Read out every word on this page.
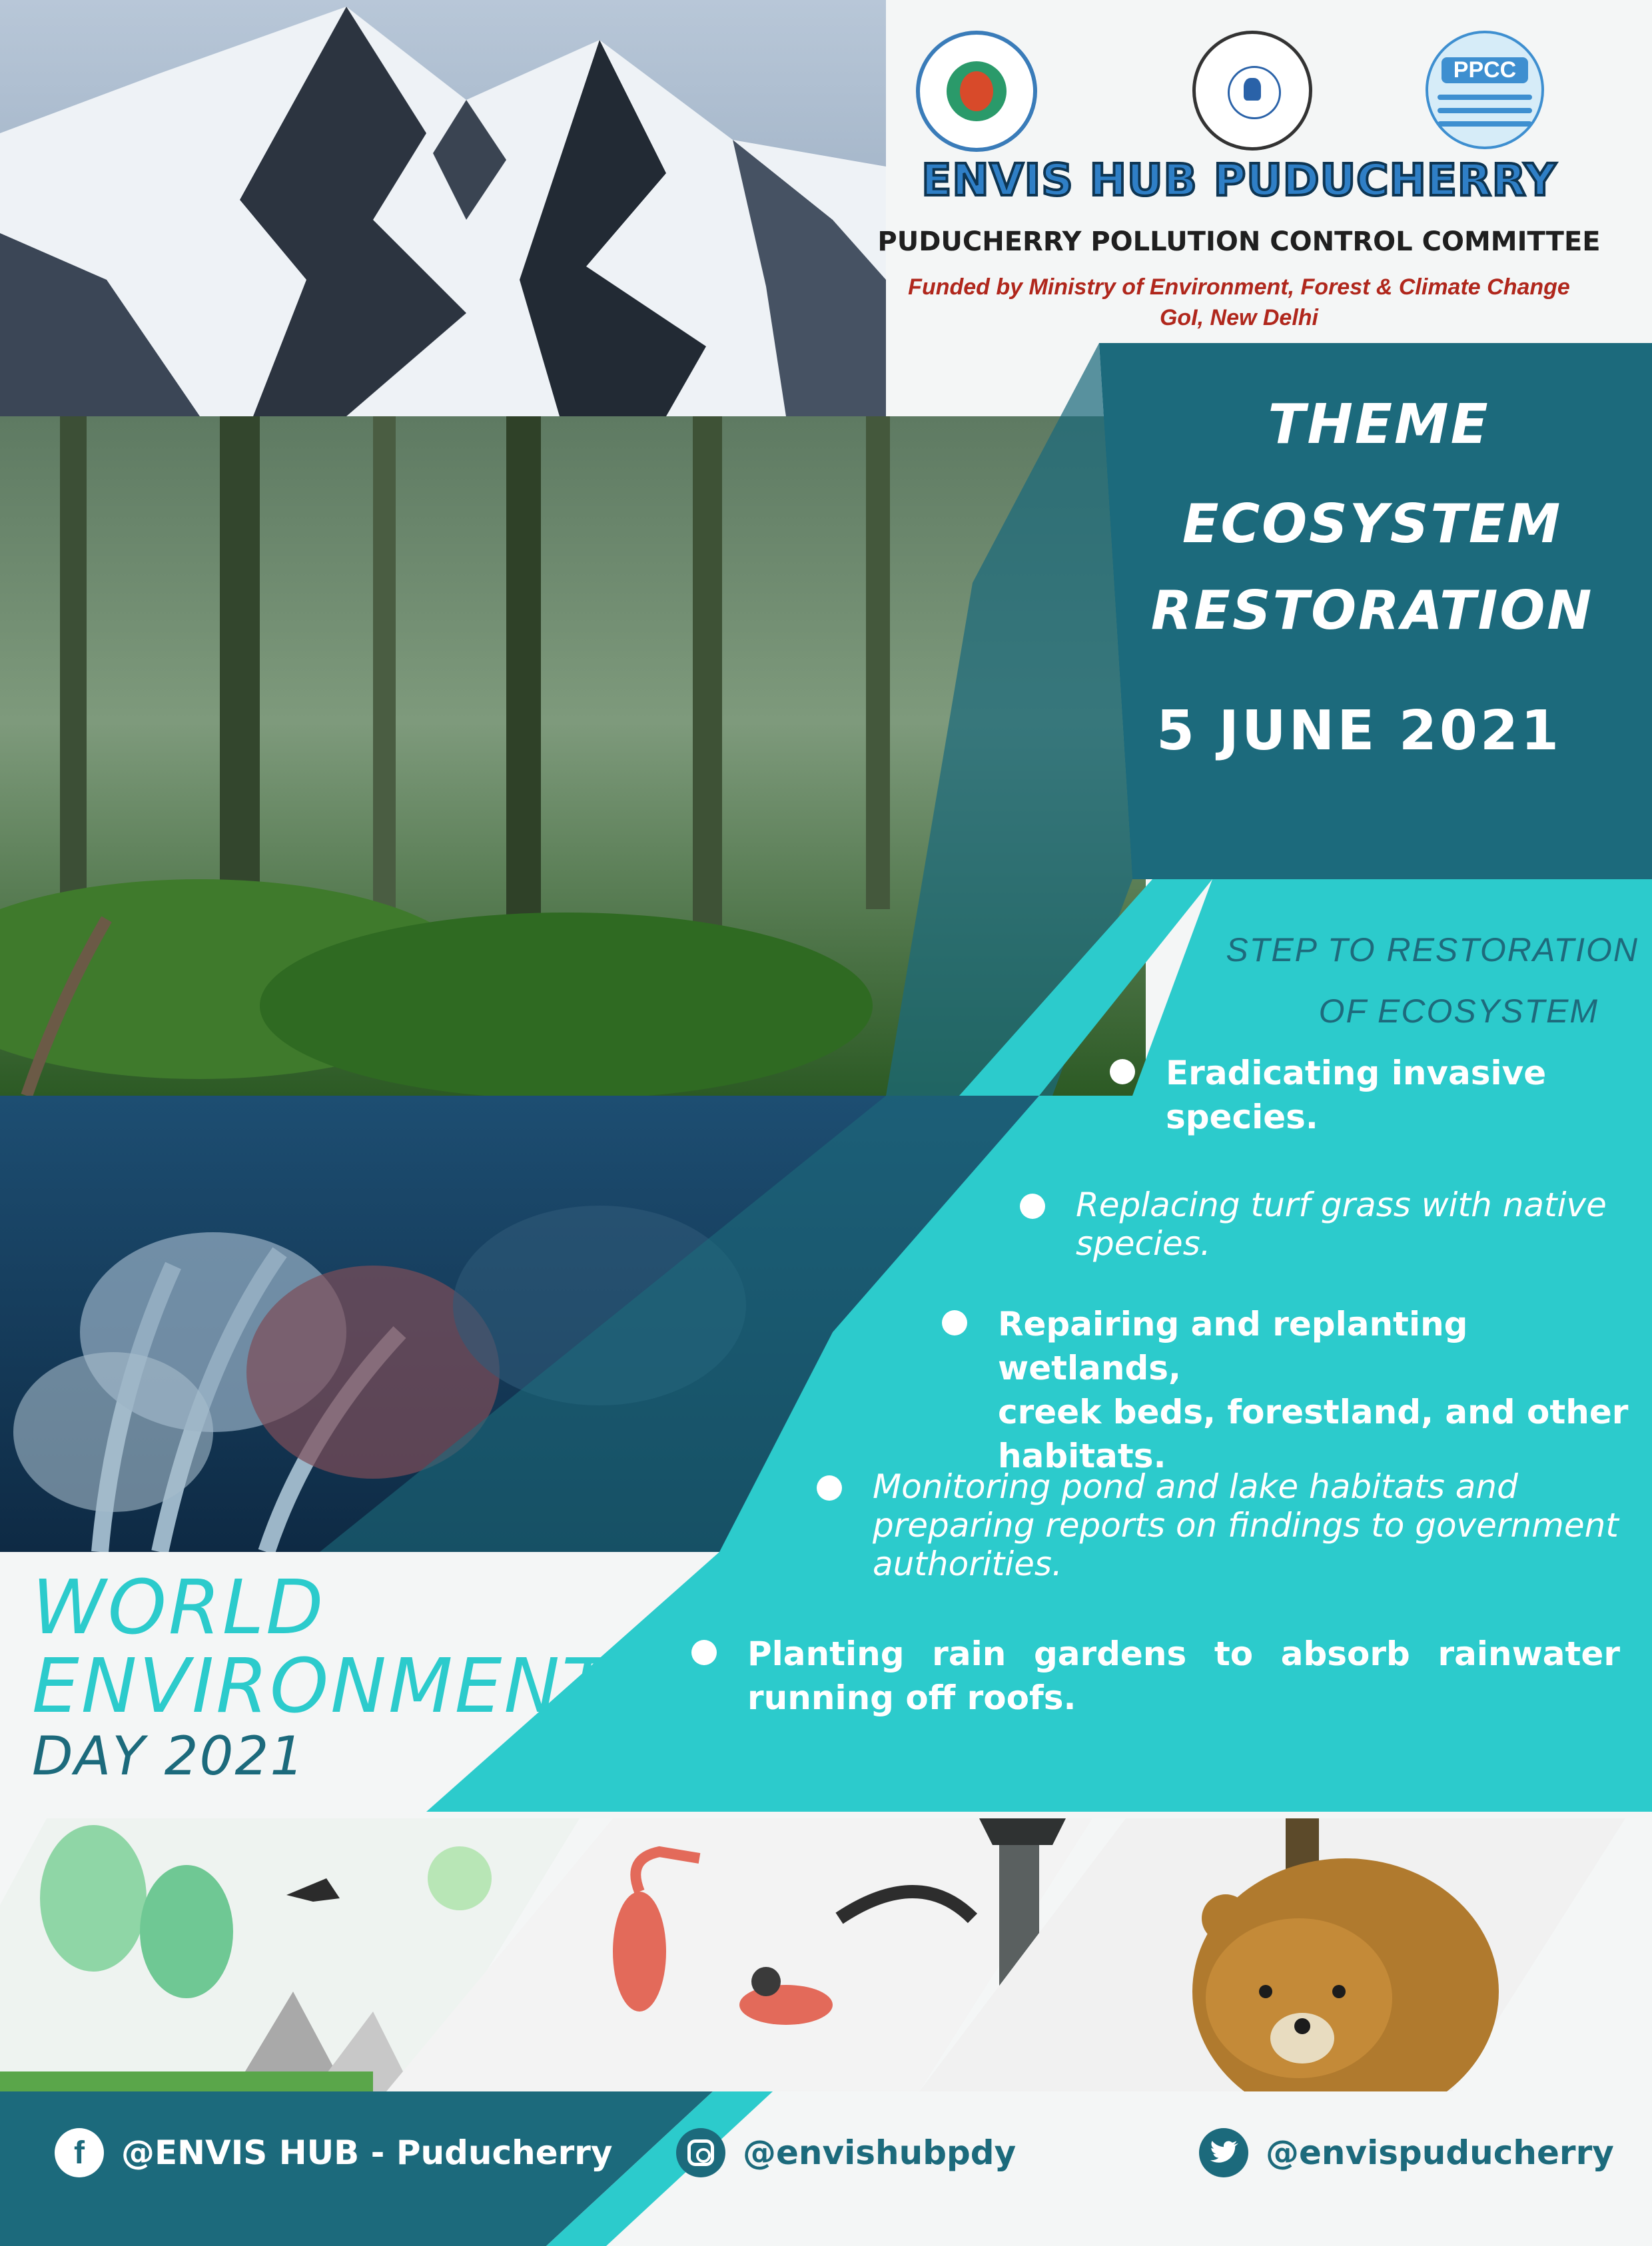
PPCC
ENVIS HUB PUDUCHERRY
PUDUCHERRY POLLUTION CONTROL COMMITTEE
Funded by Ministry of Environment, Forest & Climate Change
GoI, New Delhi
THEME
ECOSYSTEM
RESTORATION
5 JUNE 2021
STEP TO RESTORATION
OF ECOSYSTEM
Eradicating invasive
species.
Replacing turf grass with native
species.
Repairing and replanting wetlands,
creek beds, forestland, and other
habitats.
Monitoring pond and lake habitats and
preparing reports on findings to government
authorities.
Planting rain gardens to absorb rainwater
running off roofs.
WORLD
ENVIRONMENT
DAY 2021
f	@ENVIS HUB - Puducherry	@envishubpdy	@envispuducherry
